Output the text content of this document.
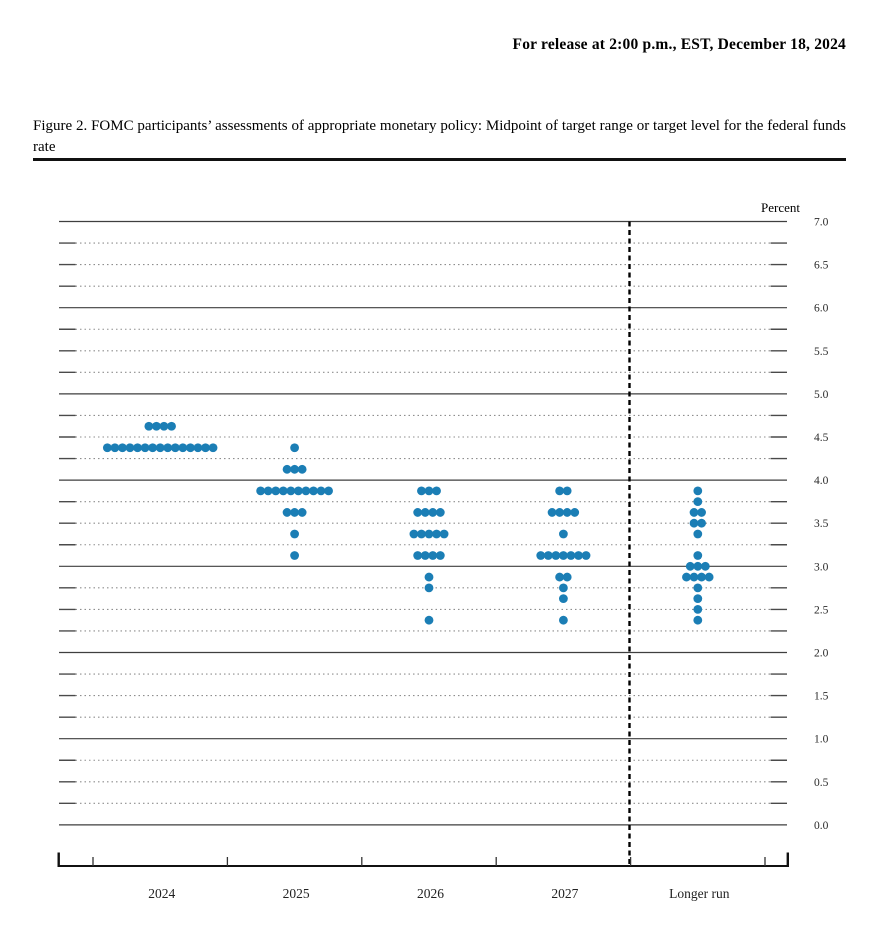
For release at 2:00 p.m., EST, December 18, 2024
Figure 2. FOMC participants’ assessments of appropriate monetary policy: Midpoint of target range or target level for the federal funds rate
Percent
7.0
6.5
6.0
5.5
5.0
4.5
4.0
3.5
3.0
2.5
2.0
1.5
1.0
0.5
0.0
2024	2025	2026	2027	Longer run
